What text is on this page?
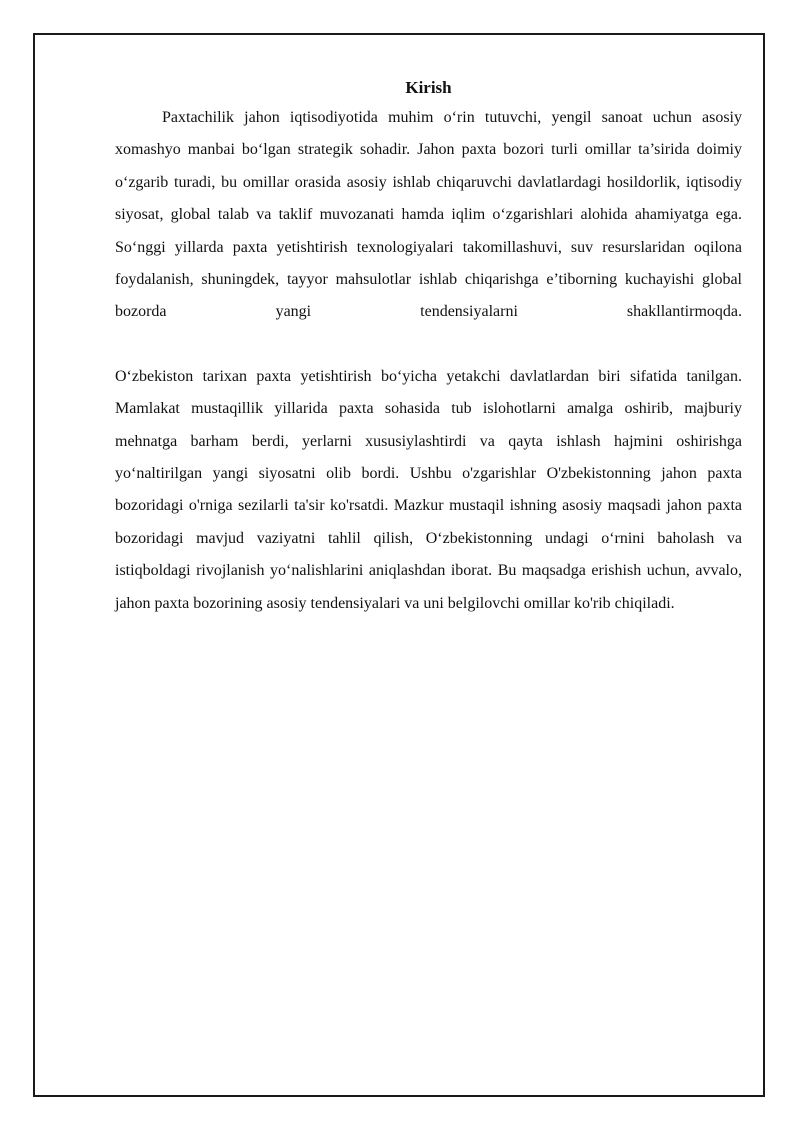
Kirish

Paxtachilik jahon iqtisodiyotida muhim o‘rin tutuvchi, yengil sanoat uchun asosiy xomashyo manbai bo‘lgan strategik sohadir. Jahon paxta bozori turli omillar ta’sirida doimiy o‘zgarib turadi, bu omillar orasida asosiy ishlab chiqaruvchi davlatlardagi hosildorlik, iqtisodiy siyosat, global talab va taklif muvozanati hamda iqlim o‘zgarishlari alohida ahamiyatga ega. So‘nggi yillarda paxta yetishtirish texnologiyalari takomillashuvi, suv resurslaridan oqilona foydalanish, shuningdek, tayyor mahsulotlar ishlab chiqarishga e’tiborning kuchayishi global bozorda yangi tendensiyalarni shakllantirmoqda.

O‘zbekiston tarixan paxta yetishtirish bo‘yicha yetakchi davlatlardan biri sifatida tanilgan. Mamlakat mustaqillik yillarida paxta sohasida tub islohotlarni amalga oshirib, majburiy mehnatga barham berdi, yerlarni xususiylashtirdi va qayta ishlash hajmini oshirishga yo‘naltirilgan yangi siyosatni olib bordi. Ushbu o'zgarishlar O'zbekistonning jahon paxta bozoridagi o'rniga sezilarli ta'sir ko'rsatdi. Mazkur mustaqil ishning asosiy maqsadi jahon paxta bozoridagi mavjud vaziyatni tahlil qilish, O‘zbekistonning undagi o‘rnini baholash va istiqboldagi rivojlanish yo‘nalishlarini aniqlashdan iborat. Bu maqsadga erishish uchun, avvalo, jahon paxta bozorining asosiy tendensiyalari va uni belgilovchi omillar ko'rib chiqiladi.
